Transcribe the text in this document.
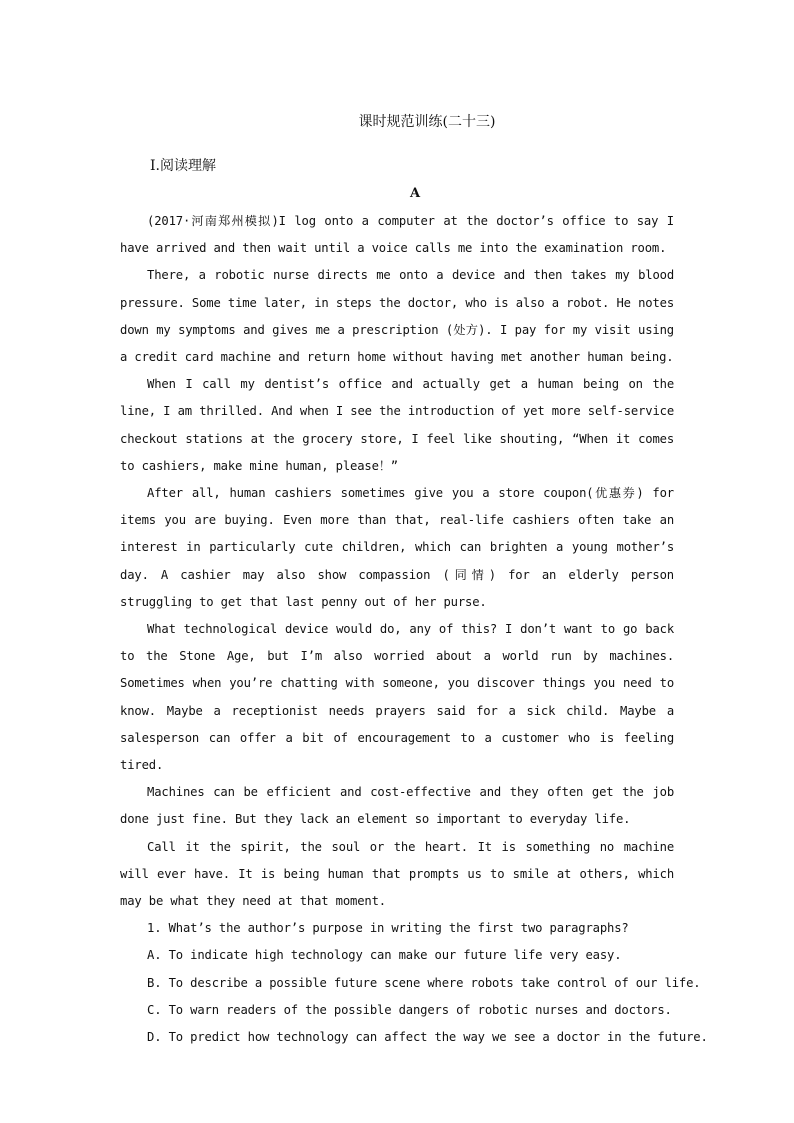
课时规范训练(二十三)
Ⅰ.阅读理解
A

(2017·河南郑州模拟)I log onto a computer at the doctor’s office to say I have arrived and then wait until a voice calls me into the examination room.

There, a robotic nurse directs me onto a device and then takes my blood pressure. Some time later, in steps the doctor, who is also a robot. He notes down my symptoms and gives me a prescription (处方). I pay for my visit using a credit card machine and return home without having met another human being.

When I call my dentist’s office and actually get a human being on the line, I am thrilled. And when I see the introduction of yet more self-service checkout stations at the grocery store, I feel like shouting, “When it comes to cashiers, make mine human, please！”

After all, human cashiers sometimes give you a store coupon(优惠券) for items you are buying. Even more than that, real-life cashiers often take an interest in particularly cute children, which can brighten a young mother’s day. A cashier may also show compassion (同情) for an elderly person struggling to get that last penny out of her purse.

What technological device would do, any of this? I don’t want to go back to the Stone Age, but I’m also worried about a world run by machines. Sometimes when you’re chatting with someone, you discover things you need to know. Maybe a receptionist needs prayers said for a sick child. Maybe a salesperson can offer a bit of encouragement to a customer who is feeling tired.

Machines can be efficient and cost-effective and they often get the job done just fine. But they lack an element so important to everyday life.

Call it the spirit, the soul or the heart. It is something no machine will ever have. It is being human that prompts us to smile at others, which may be what they need at that moment.

1. What’s the author’s purpose in writing the first two paragraphs?

A. To indicate high technology can make our future life very easy.

B. To describe a possible future scene where robots take control of our life.

C. To warn readers of the possible dangers of robotic nurses and doctors.

D. To predict how technology can affect the way we see a doctor in the future.
